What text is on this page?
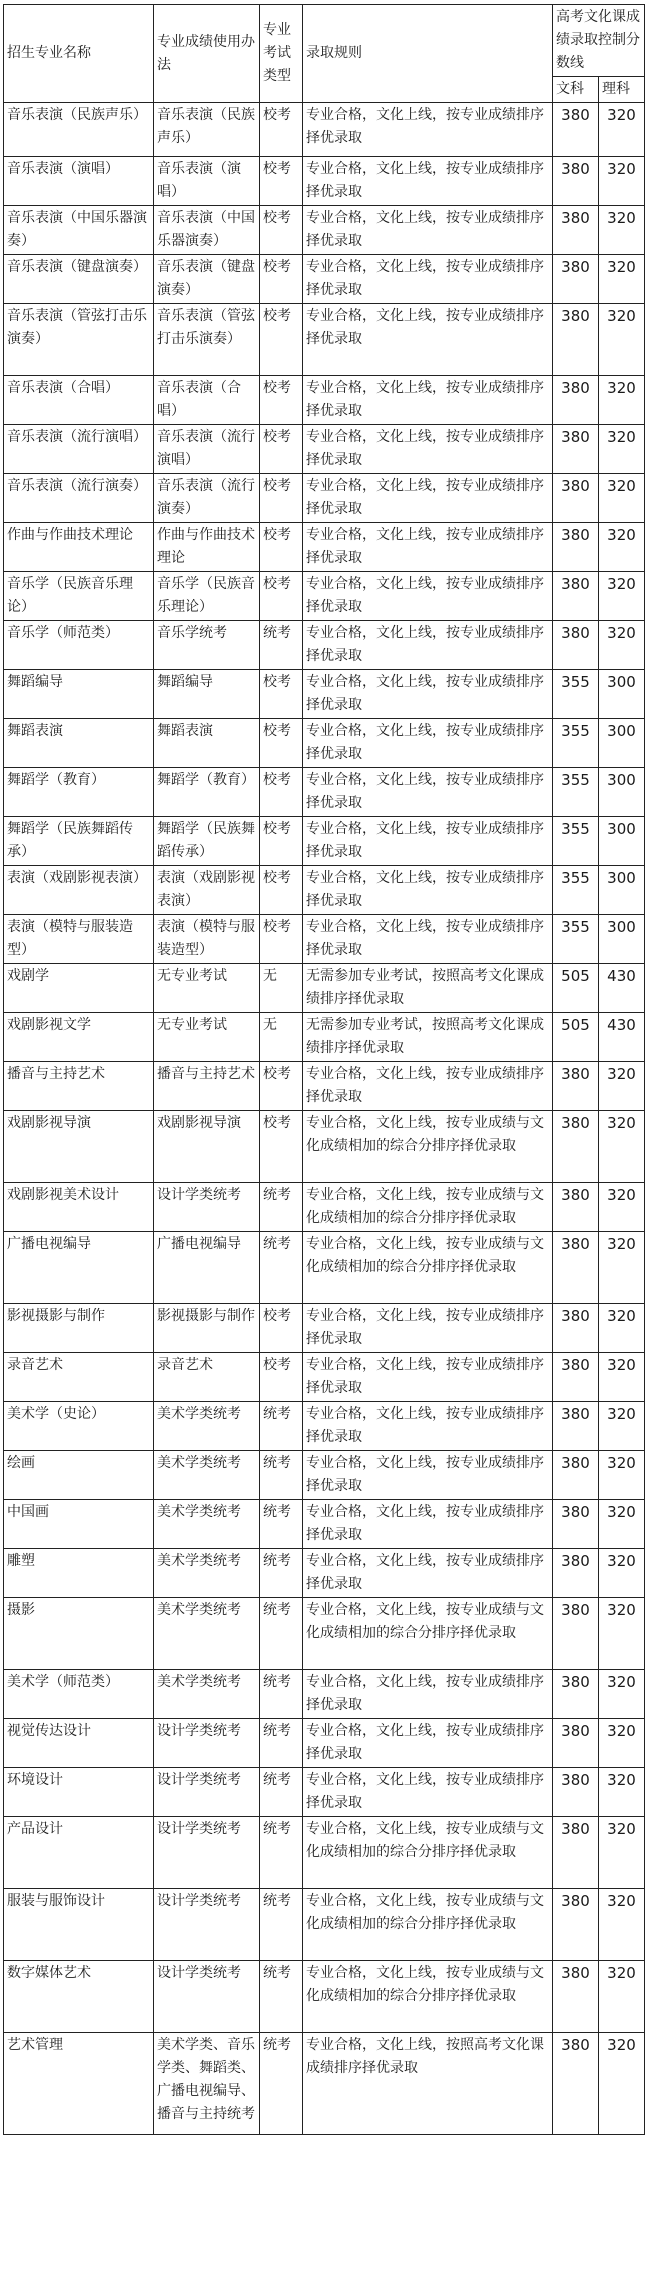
招生专业名称	专业成绩使用办法	专业考试类型	录取规则	高考文化课成绩录取控制分数线	
				文科	理科
音乐表演（民族声乐）	音乐表演（民族声乐）	校考	专业合格，文化上线，按专业成绩排序择优录取	380	320
音乐表演（演唱）	音乐表演（演唱）	校考	专业合格，文化上线，按专业成绩排序择优录取	380	320
音乐表演（中国乐器演奏）	音乐表演（中国乐器演奏）	校考	专业合格，文化上线，按专业成绩排序择优录取	380	320
音乐表演（键盘演奏）	音乐表演（键盘演奏）	校考	专业合格，文化上线，按专业成绩排序择优录取	380	320
音乐表演（管弦打击乐演奏）	音乐表演（管弦打击乐演奏）	校考	专业合格，文化上线，按专业成绩排序择优录取	380	320
音乐表演（合唱）	音乐表演（合唱）	校考	专业合格，文化上线，按专业成绩排序择优录取	380	320
音乐表演（流行演唱）	音乐表演（流行演唱）	校考	专业合格，文化上线，按专业成绩排序择优录取	380	320
音乐表演（流行演奏）	音乐表演（流行演奏）	校考	专业合格，文化上线，按专业成绩排序择优录取	380	320
作曲与作曲技术理论	作曲与作曲技术理论	校考	专业合格，文化上线，按专业成绩排序择优录取	380	320
音乐学（民族音乐理论）	音乐学（民族音乐理论）	校考	专业合格，文化上线，按专业成绩排序择优录取	380	320
音乐学（师范类）	音乐学统考	统考	专业合格，文化上线，按专业成绩排序择优录取	380	320
舞蹈编导	舞蹈编导	校考	专业合格，文化上线，按专业成绩排序择优录取	355	300
舞蹈表演	舞蹈表演	校考	专业合格，文化上线，按专业成绩排序择优录取	355	300
舞蹈学（教育）	舞蹈学（教育）	校考	专业合格，文化上线，按专业成绩排序择优录取	355	300
舞蹈学（民族舞蹈传承）	舞蹈学（民族舞蹈传承）	校考	专业合格，文化上线，按专业成绩排序择优录取	355	300
表演（戏剧影视表演）	表演（戏剧影视表演）	校考	专业合格，文化上线，按专业成绩排序择优录取	355	300
表演（模特与服装造型）	表演（模特与服装造型）	校考	专业合格，文化上线，按专业成绩排序择优录取	355	300
戏剧学	无专业考试	无	无需参加专业考试，按照高考文化课成绩排序择优录取	505	430
戏剧影视文学	无专业考试	无	无需参加专业考试，按照高考文化课成绩排序择优录取	505	430
播音与主持艺术	播音与主持艺术	校考	专业合格，文化上线，按专业成绩排序择优录取	380	320
戏剧影视导演	戏剧影视导演	校考	专业合格，文化上线，按专业成绩与文化成绩相加的综合分排序择优录取	380	320
戏剧影视美术设计	设计学类统考	统考	专业合格，文化上线，按专业成绩与文化成绩相加的综合分排序择优录取	380	320
广播电视编导	广播电视编导	统考	专业合格，文化上线，按专业成绩与文化成绩相加的综合分排序择优录取	380	320
影视摄影与制作	影视摄影与制作	校考	专业合格，文化上线，按专业成绩排序择优录取	380	320
录音艺术	录音艺术	校考	专业合格，文化上线，按专业成绩排序择优录取	380	320
美术学（史论）	美术学类统考	统考	专业合格，文化上线，按专业成绩排序择优录取	380	320
绘画	美术学类统考	统考	专业合格，文化上线，按专业成绩排序择优录取	380	320
中国画	美术学类统考	统考	专业合格，文化上线，按专业成绩排序择优录取	380	320
雕塑	美术学类统考	统考	专业合格，文化上线，按专业成绩排序择优录取	380	320
摄影	美术学类统考	统考	专业合格，文化上线，按专业成绩与文化成绩相加的综合分排序择优录取	380	320
美术学（师范类）	美术学类统考	统考	专业合格，文化上线，按专业成绩排序择优录取	380	320
视觉传达设计	设计学类统考	统考	专业合格，文化上线，按专业成绩排序择优录取	380	320
环境设计	设计学类统考	统考	专业合格，文化上线，按专业成绩排序择优录取	380	320
产品设计	设计学类统考	统考	专业合格，文化上线，按专业成绩与文化成绩相加的综合分排序择优录取	380	320
服装与服饰设计	设计学类统考	统考	专业合格，文化上线，按专业成绩与文化成绩相加的综合分排序择优录取	380	320
数字媒体艺术	设计学类统考	统考	专业合格，文化上线，按专业成绩与文化成绩相加的综合分排序择优录取	380	320
艺术管理	美术学类、音乐学类、舞蹈类、广播电视编导、播音与主持统考	统考	专业合格，文化上线，按照高考文化课成绩排序择优录取	380	320
